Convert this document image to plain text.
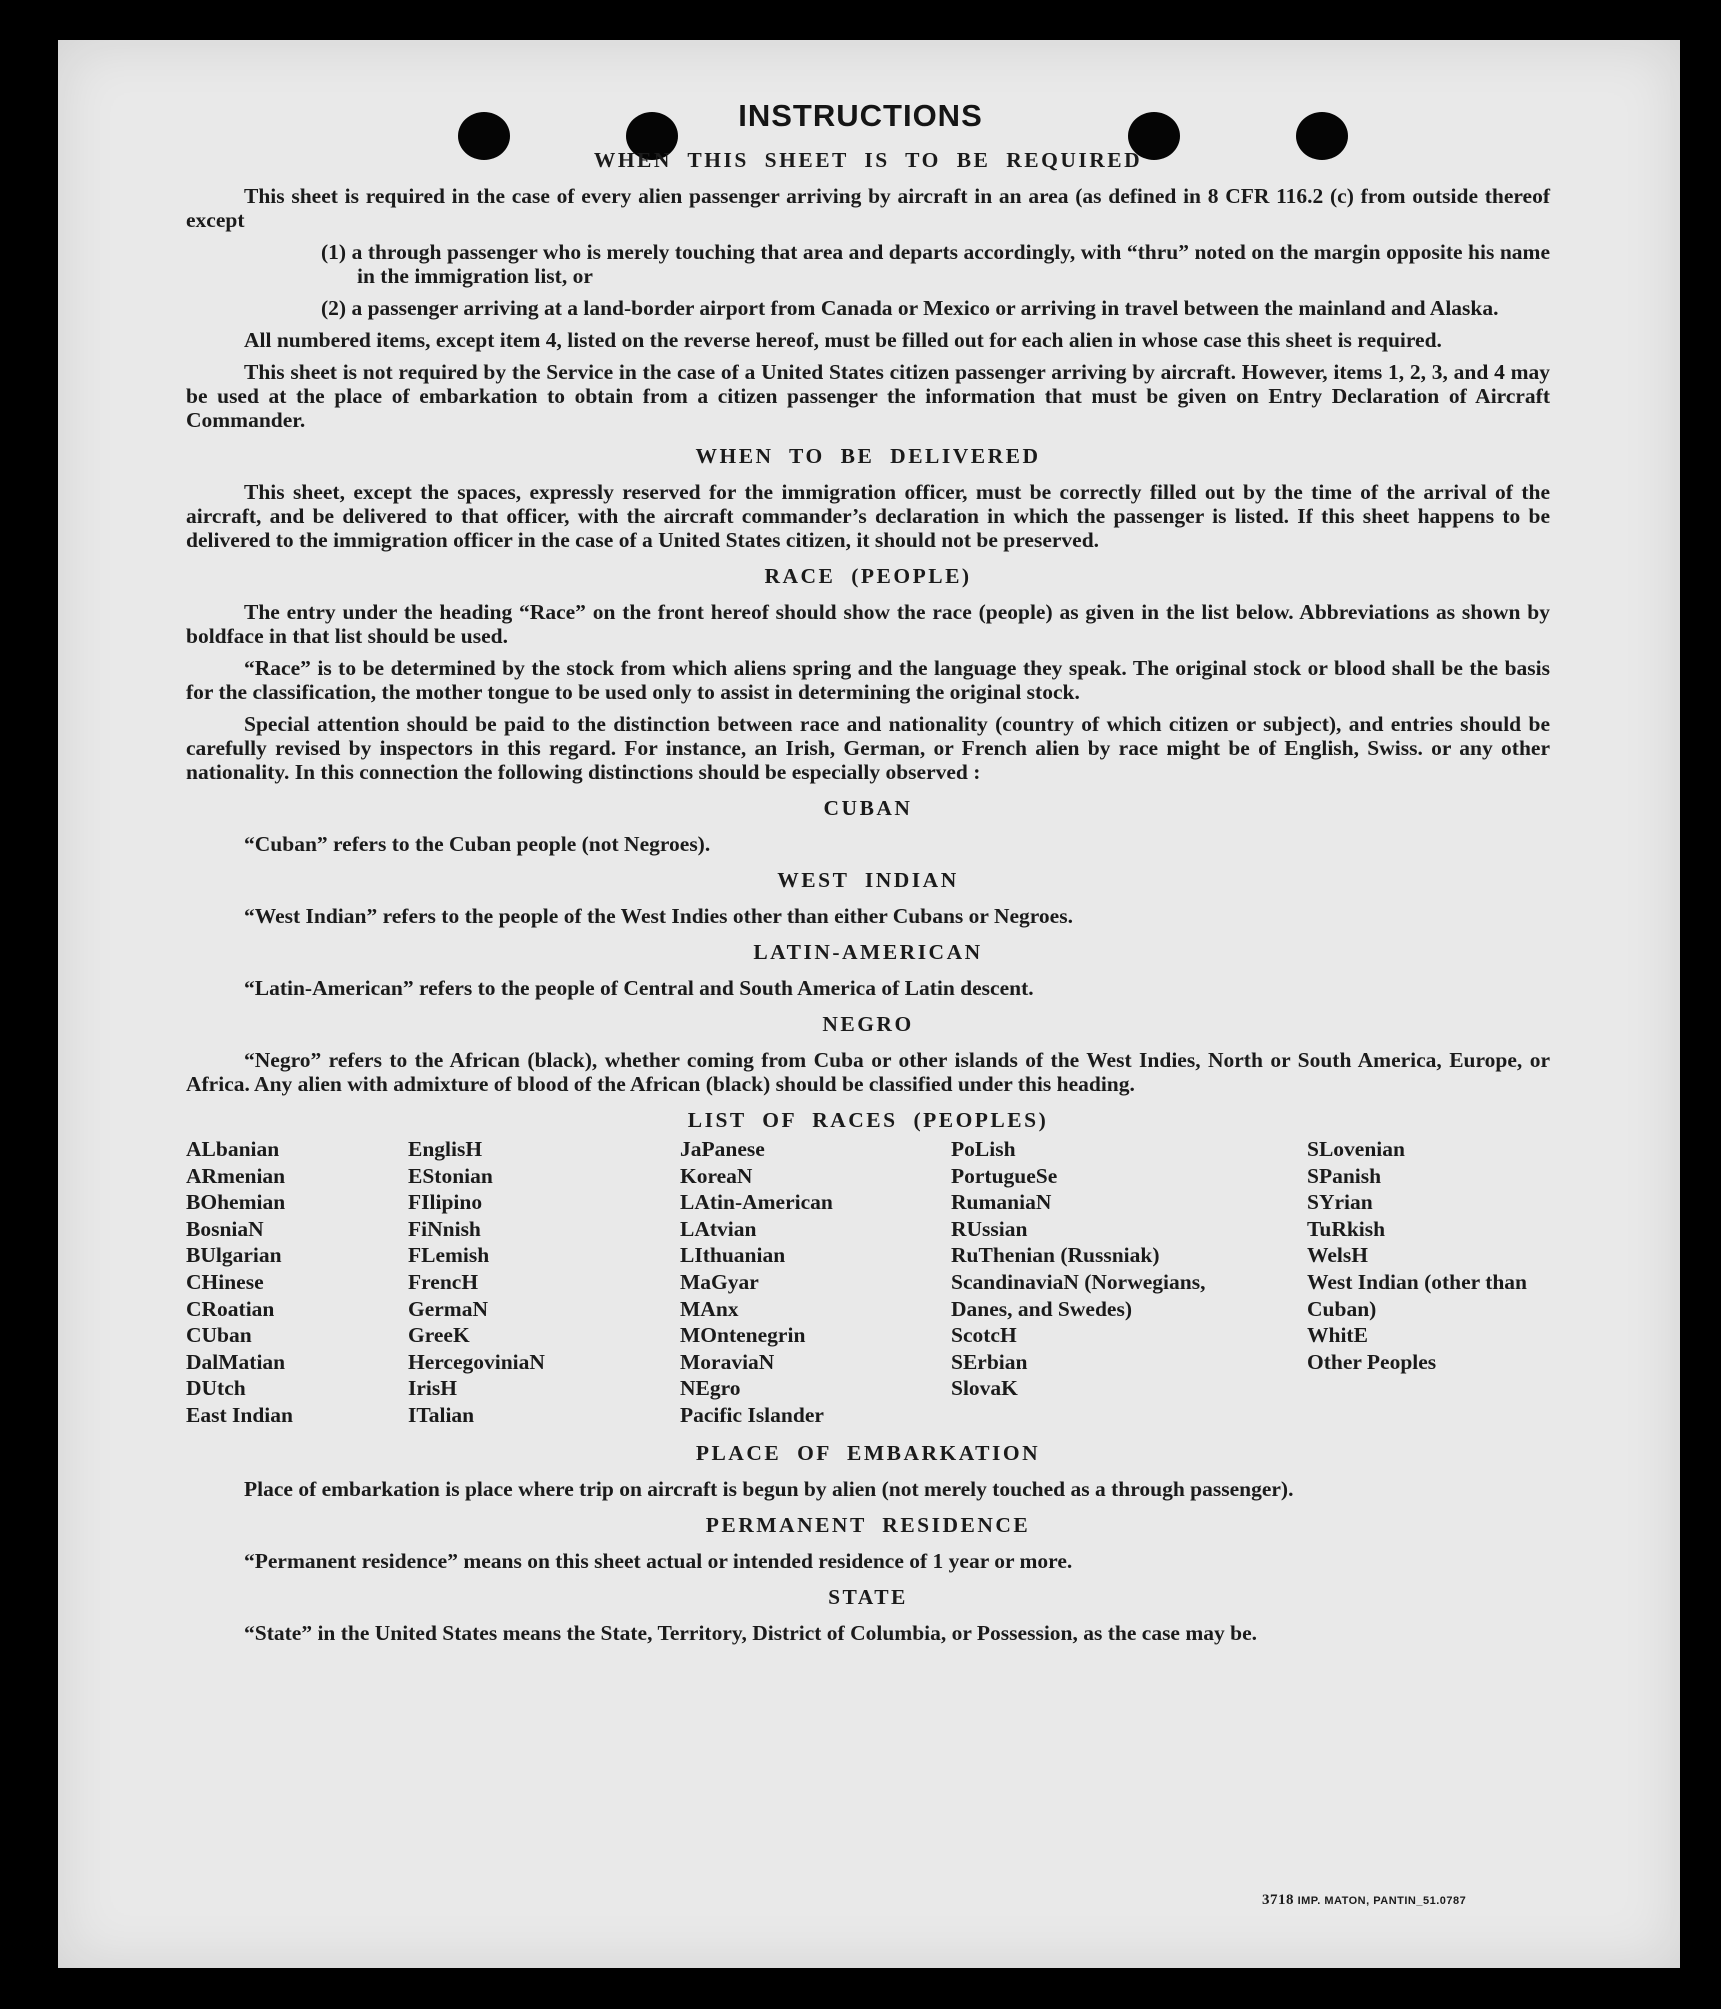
INSTRUCTIONS
WHEN THIS SHEET IS TO BE REQUIRED

This sheet is required in the case of every alien passenger arriving by aircraft in an area (as defined in 8 CFR 116.2 (c) from outside thereof except

(1) a through passenger who is merely touching that area and departs accordingly, with “thru” noted on the margin opposite his name in the immigration list, or

(2) a passenger arriving at a land-border airport from Canada or Mexico or arriving in travel between the mainland and Alaska.

All numbered items, except item 4, listed on the reverse hereof, must be filled out for each alien in whose case this sheet is required.

This sheet is not required by the Service in the case of a United States citizen passenger arriving by aircraft. However, items 1, 2, 3, and 4 may be used at the place of embarkation to obtain from a citizen passenger the information that must be given on Entry Declaration of Aircraft Commander.

WHEN TO BE DELIVERED

This sheet, except the spaces, expressly reserved for the immigration officer, must be correctly filled out by the time of the arrival of the aircraft, and be delivered to that officer, with the aircraft commander’s declaration in which the passenger is listed. If this sheet happens to be delivered to the immigration officer in the case of a United States citizen, it should not be preserved.

RACE (PEOPLE)

The entry under the heading “Race” on the front hereof should show the race (people) as given in the list below. Abbreviations as shown by boldface in that list should be used.

“Race” is to be determined by the stock from which aliens spring and the language they speak. The original stock or blood shall be the basis for the classification, the mother tongue to be used only to assist in determining the original stock.

Special attention should be paid to the distinction between race and nationality (country of which citizen or subject), and entries should be carefully revised by inspectors in this regard. For instance, an Irish, German, or French alien by race might be of English, Swiss. or any other nationality. In this connection the following distinctions should be especially observed :

CUBAN

“Cuban” refers to the Cuban people (not Negroes).

WEST INDIAN

“West Indian” refers to the people of the West Indies other than either Cubans or Negroes.

LATIN-AMERICAN

“Latin-American” refers to the people of Central and South America of Latin descent.

NEGRO

“Negro” refers to the African (black), whether coming from Cuba or other islands of the West Indies, North or South America, Europe, or Africa. Any alien with admixture of blood of the African (black) should be classified under this heading.

LIST OF RACES (PEOPLES)
ALbanian
ARmenian
BOhemian
BosniaN
BUlgarian
CHinese
CRoatian
CUban
DalMatian
DUtch
East Indian
EnglisH
EStonian
FIlipino
FiNnish
FLemish
FrencH
GermaN
GreeK
HercegoviniaN
IrisH
ITalian
JaPanese
KoreaN
LAtin-American
LAtvian
LIthuanian
MaGyar
MAnx
MOntenegrin
MoraviaN
NEgro
Pacific Islander
PoLish
PortugueSe
RumaniaN
RUssian
RuThenian (Russniak)
ScandinaviaN (Norwegians, Danes, and Swedes)
ScotcH
SErbian
SlovaK
SLovenian
SPanish
SYrian
TuRkish
WelsH
West Indian (other than Cuban)
WhitE
Other Peoples
PLACE OF EMBARKATION

Place of embarkation is place where trip on aircraft is begun by alien (not merely touched as a through passenger).

PERMANENT RESIDENCE

“Permanent residence” means on this sheet actual or intended residence of 1 year or more.

STATE

“State” in the United States means the State, Territory, District of Columbia, or Possession, as the case may be.

3718 IMP. MATON, PANTIN_51.0787
